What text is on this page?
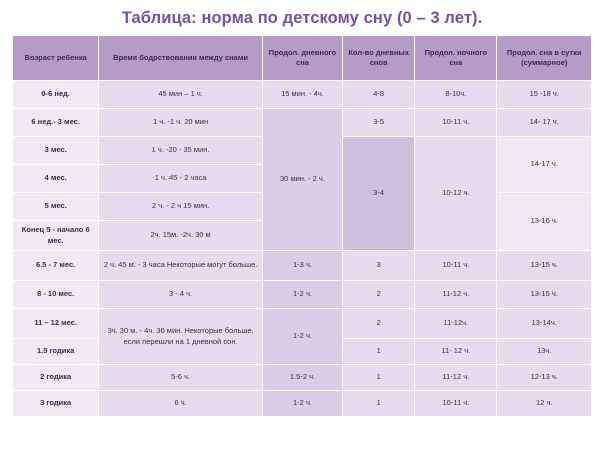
Таблица: норма по детскому сну (0 – 3 лет).
Возраст ребенка	Время бодрствования между снами	Продол. дневного сна	Кол-во дневных снов	Продол. ночного сна	Продол. сна в сутки (суммарное)
0-6 нед.	45 мин – 1 ч.	15 мин. - 4ч.	4-8	8-10ч.	15 -18 ч.
6 нед.- 3 мес.	1 ч. -1 ч. 20 мин	30 мин. - 2 ч.	3-5	10-11 ч.	14- 17 ч.
3 мес.	1 ч. -20 - 35 мин.		3-4	10-12 ч.	14-17 ч.
4 мес.	1 ч. 45 - 2 часа				
5 мес.	2 ч. - 2 ч 15 мин.				13-16 ч.
Конец 5 - начало 6 мес.	2ч. 15м. -2ч. 30 м				
6.5 - 7 мес.	2 ч. 45 м. - 3 часа Некоторые могут больше.	1-3 ч.	3	10-11 ч.	13-15 ч.
8 - 10 мес.	3 - 4 ч.	1-2 ч.	2	11-12 ч.	13-15 ч.
11 – 12 мес.	3ч. 30 м. - 4ч. 30 мин. Некоторые больше, если перешли на 1 дневной сон.	1-2 ч.	2	11-12ч.	13-14ч.
1.5 годика			1	11- 12 ч.	13ч.
2 годика	5-6 ч.	1.5-2 ч.	1	11-12 ч.	12-13 ч.
3 годика	6 ч.	1-2 ч.	1	10-11 ч.	12 ч.
